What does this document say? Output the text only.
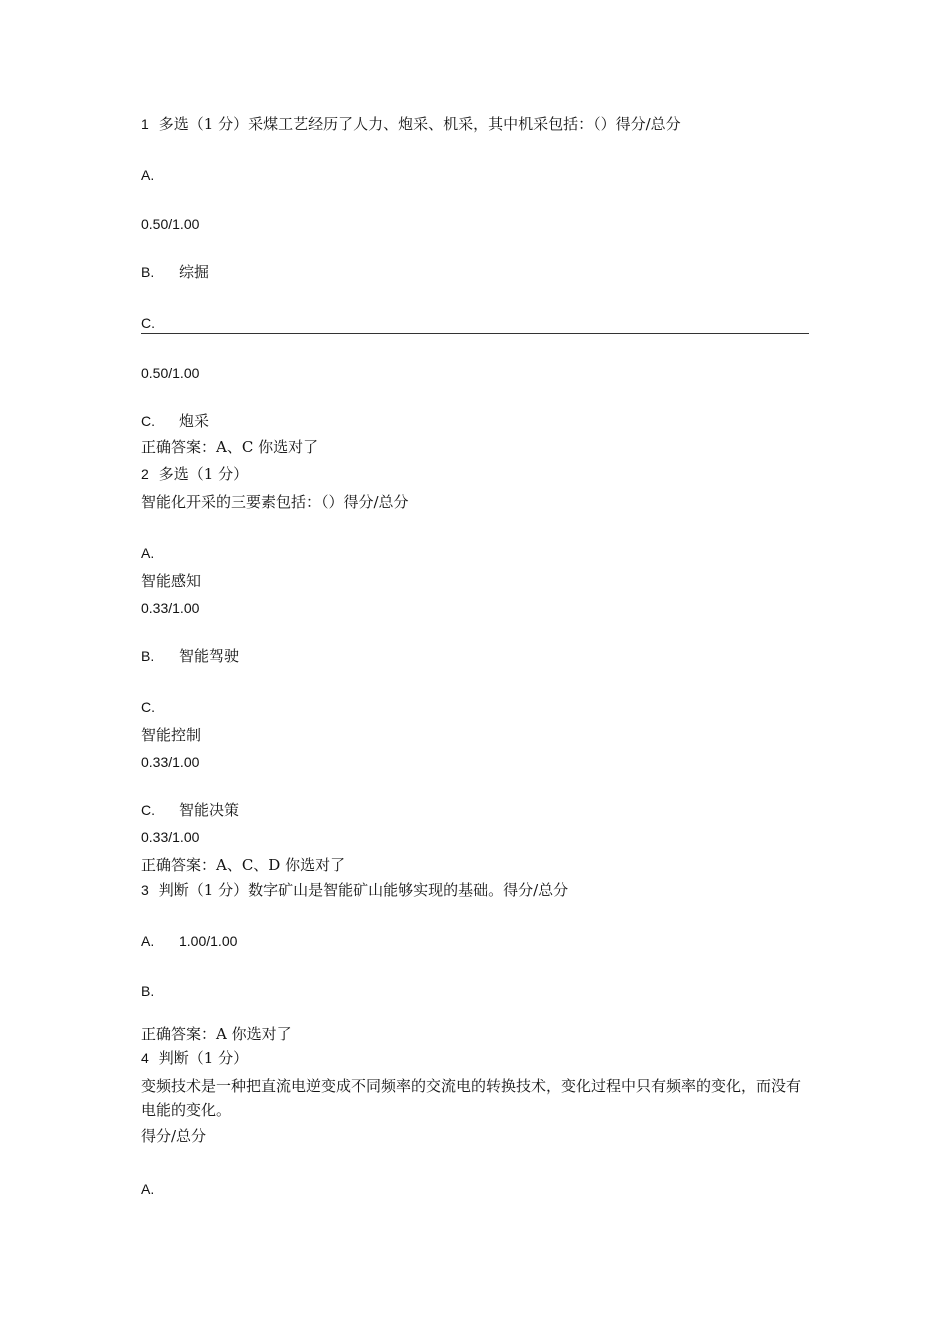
1 多选（1 分）采煤工艺经历了人力、炮采、机采，其中机采包括：（）得分/总分
A.
0.50/1.00
B. 综掘
C.
0.50/1.00
C. 炮采
正确答案：A、C 你选对了
2 多选（1 分）
智能化开采的三要素包括：（）得分/总分
A.
智能感知
0.33/1.00
B. 智能驾驶
C.
智能控制
0.33/1.00
C. 智能决策
0.33/1.00
正确答案：A、C、D 你选对了
3 判断（1 分）数字矿山是智能矿山能够实现的基础。得分/总分
A. 1.00/1.00
B.
正确答案：A 你选对了
4 判断（1 分）
变频技术是一种把直流电逆变成不同频率的交流电的转换技术，变化过程中只有频率的变化，而没有电能的变化。
得分/总分
A.
